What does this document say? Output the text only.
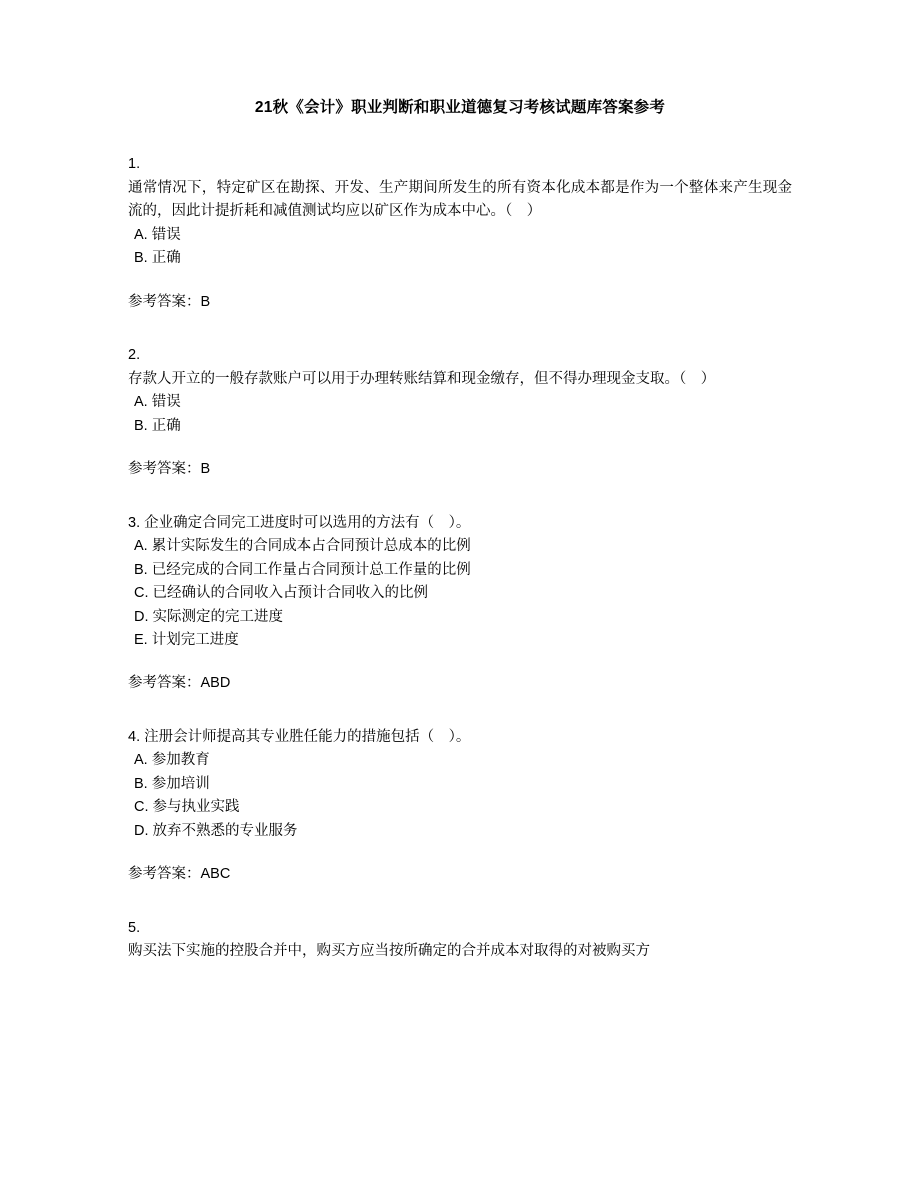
21秋《会计》职业判断和职业道德复习考核试题库答案参考
1.
通常情况下，特定矿区在勘探、开发、生产期间所发生的所有资本化成本都是作为一个整体来产生现金流的，因此计提折耗和减值测试均应以矿区作为成本中心。（　）
A. 错误
B. 正确
参考答案：B
2.
存款人开立的一般存款账户可以用于办理转账结算和现金缴存，但不得办理现金支取。（　）
A. 错误
B. 正确
参考答案：B
3. 企业确定合同完工进度时可以选用的方法有（　）。
A. 累计实际发生的合同成本占合同预计总成本的比例
B. 已经完成的合同工作量占合同预计总工作量的比例
C. 已经确认的合同收入占预计合同收入的比例
D. 实际测定的完工进度
E. 计划完工进度
参考答案：ABD
4. 注册会计师提高其专业胜任能力的措施包括（　）。
A. 参加教育
B. 参加培训
C. 参与执业实践
D. 放弃不熟悉的专业服务
参考答案：ABC
5.
购买法下实施的控股合并中，购买方应当按所确定的合并成本对取得的对被购买方
